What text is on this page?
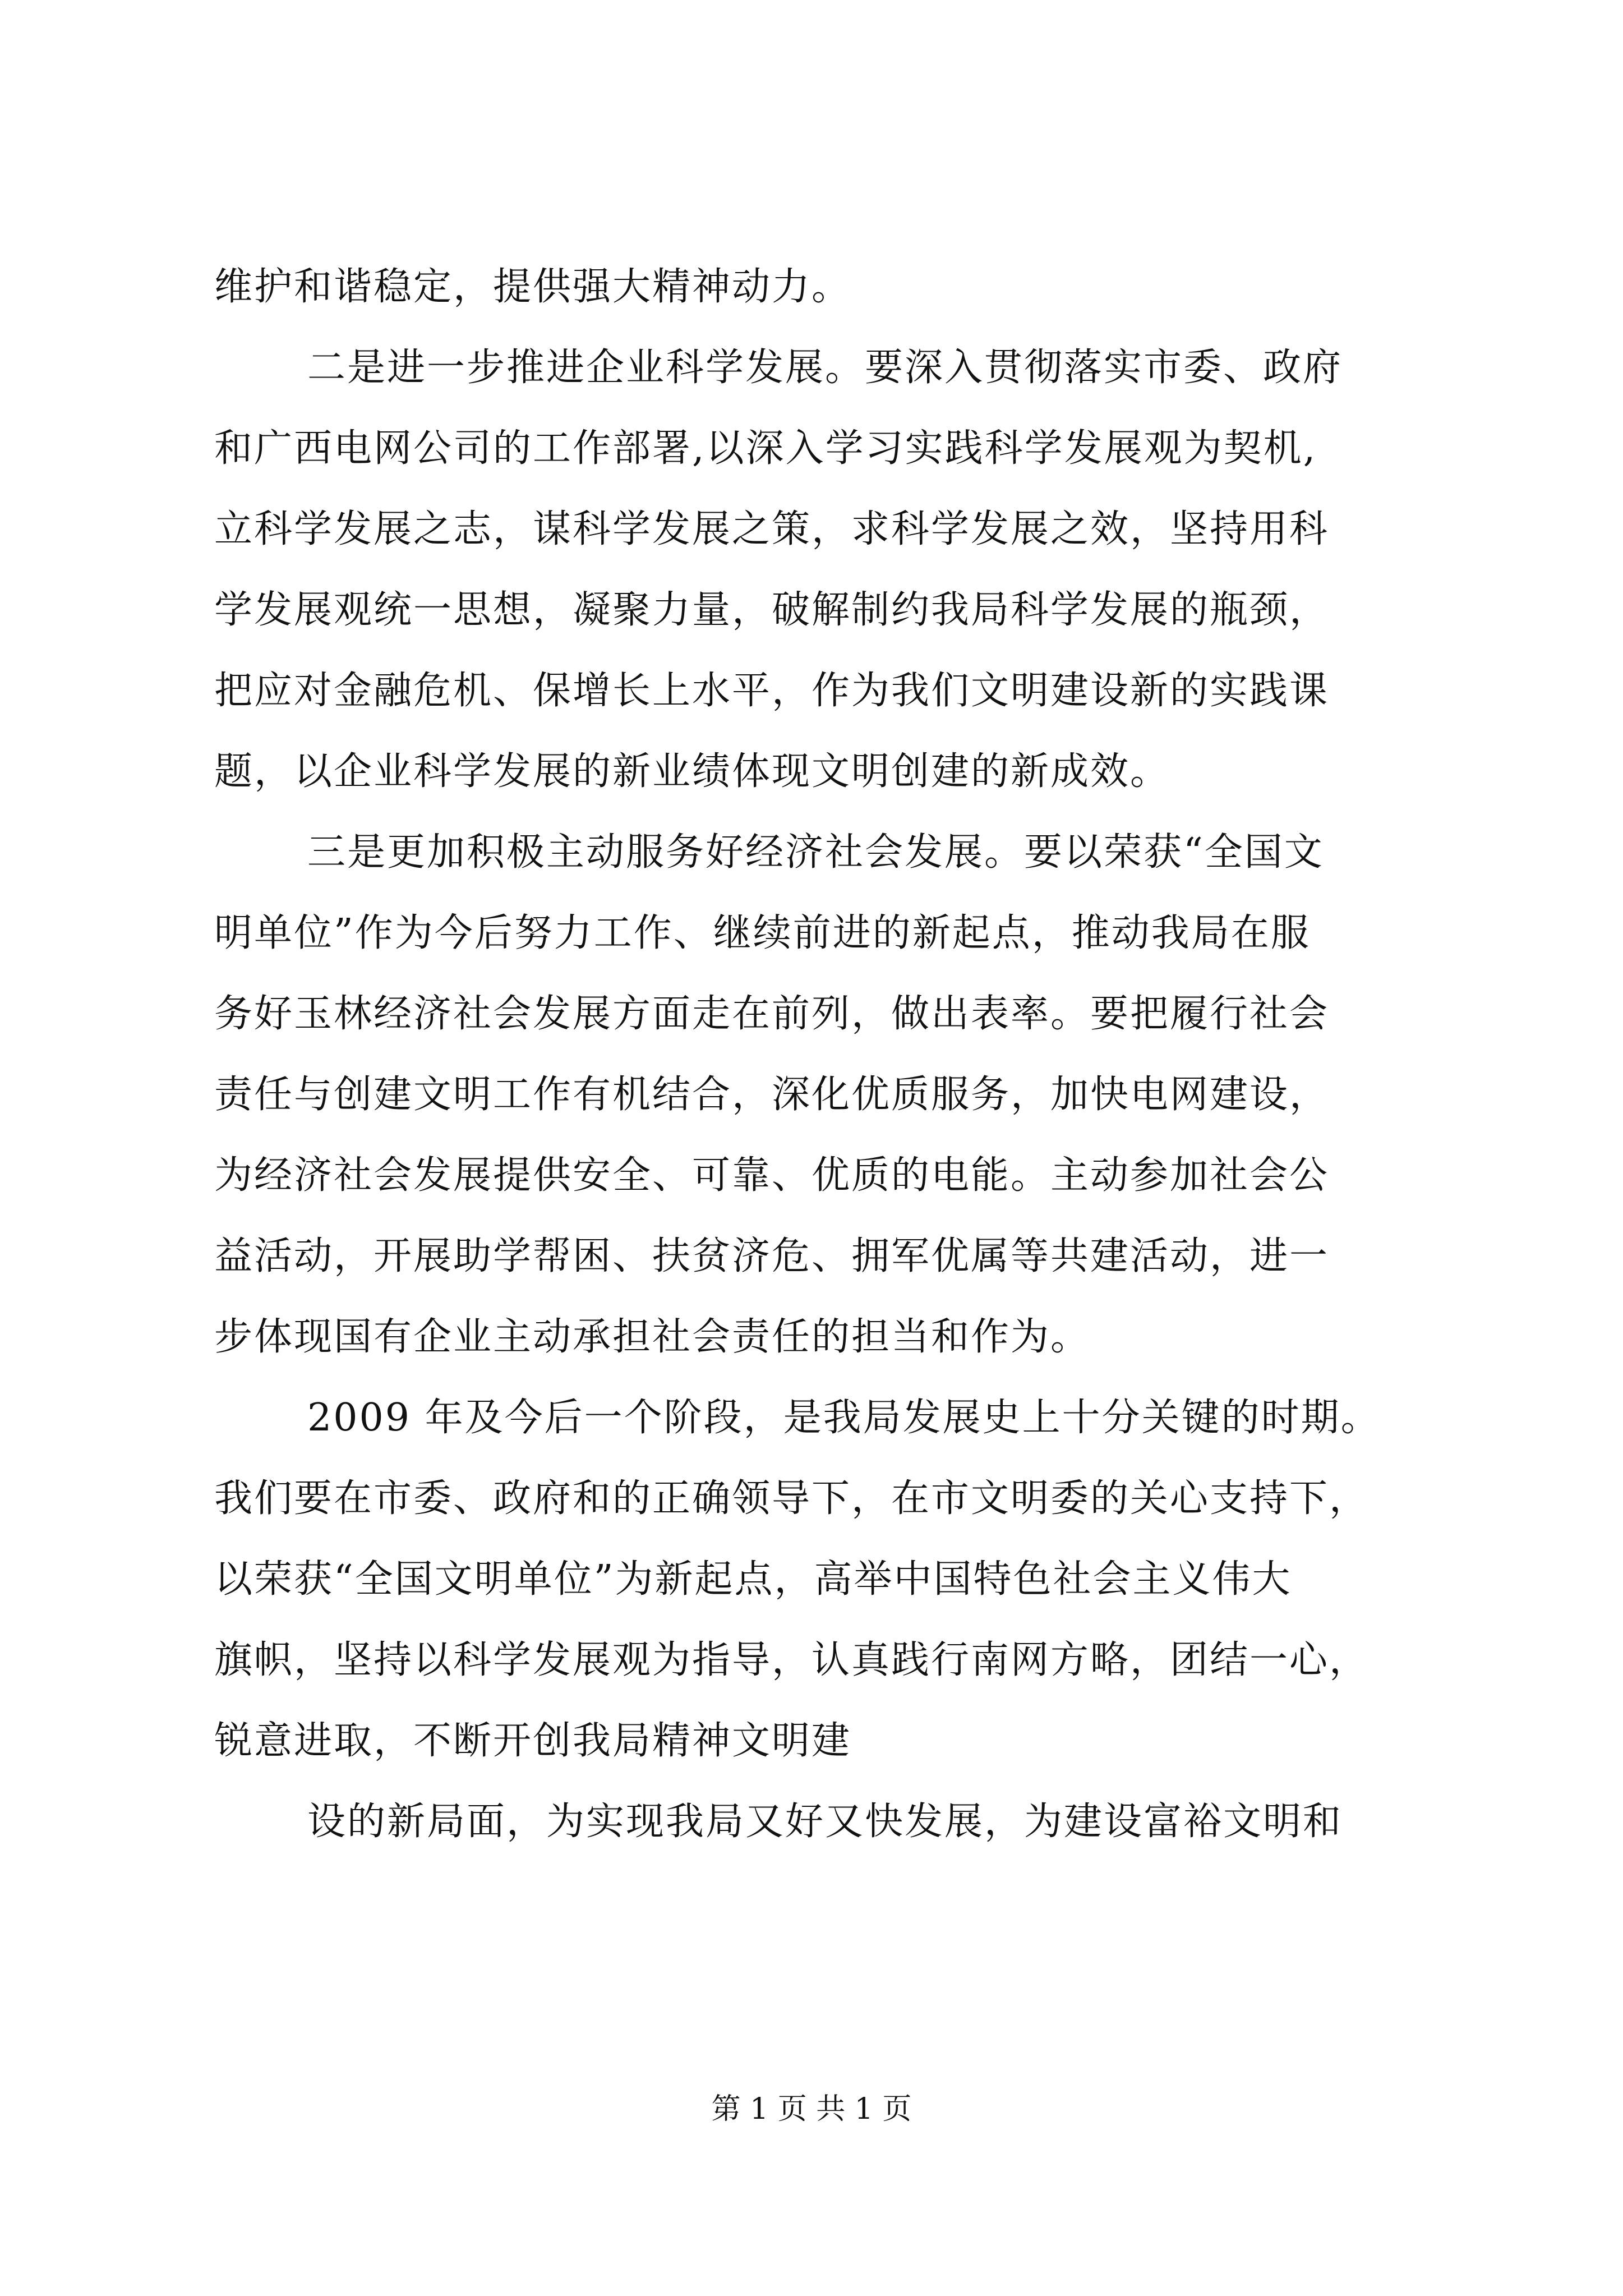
维护和谐稳定，提供强大精神动力。
二是进一步推进企业科学发展。要深入贯彻落实市委、政府
和广西电网公司的工作部署,以深入学习实践科学发展观为契机,
立科学发展之志，谋科学发展之策，求科学发展之效，坚持用科
学发展观统一思想，凝聚力量，破解制约我局科学发展的瓶颈，
把应对金融危机、保增长上水平，作为我们文明建设新的实践课
题，以企业科学发展的新业绩体现文明创建的新成效。
三是更加积极主动服务好经济社会发展。要以荣获“全国文
明单位”作为今后努力工作、继续前进的新起点，推动我局在服
务好玉林经济社会发展方面走在前列，做出表率。要把履行社会
责任与创建文明工作有机结合，深化优质服务，加快电网建设，
为经济社会发展提供安全、可靠、优质的电能。主动参加社会公
益活动，开展助学帮困、扶贫济危、拥军优属等共建活动，进一
步体现国有企业主动承担社会责任的担当和作为。
2009 年及今后一个阶段，是我局发展史上十分关键的时期。
我们要在市委、政府和的正确领导下，在市文明委的关心支持下，
以荣获“全国文明单位”为新起点，高举中国特色社会主义伟大
旗帜，坚持以科学发展观为指导，认真践行南网方略，团结一心，
锐意进取，不断开创我局精神文明建
设的新局面，为实现我局又好又快发展，为建设富裕文明和
第 1 页 共 1 页
